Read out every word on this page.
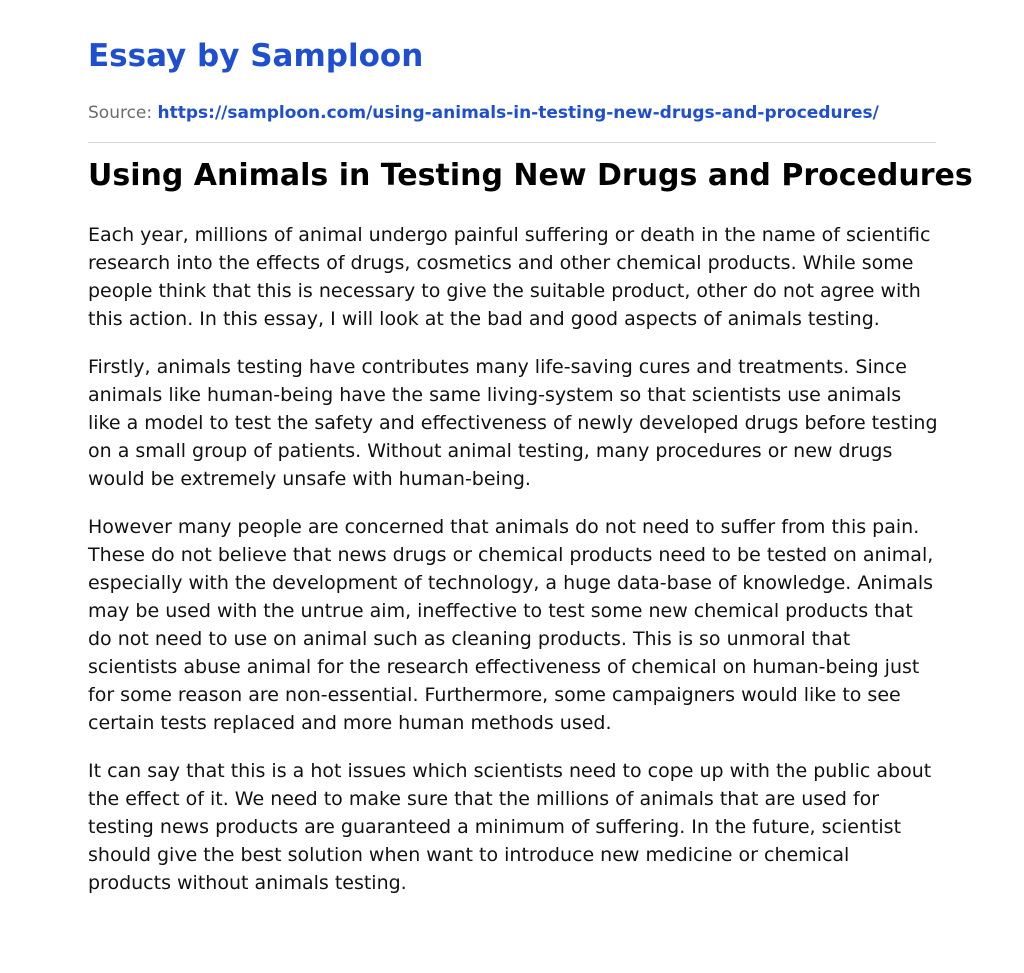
Essay by Samploon
Source: https://samploon.com/using-animals-in-testing-new-drugs-and-procedures/
Using Animals in Testing New Drugs and Procedures

Each year, millions of animal undergo painful suffering or death in the name of scientific research into the effects of drugs, cosmetics and other chemical products. While some people think that this is necessary to give the suitable product, other do not agree with this action. In this essay, I will look at the bad and good aspects of animals testing.

Firstly, animals testing have contributes many life-saving cures and treatments. Since animals like human-being have the same living-system so that scientists use animals like a model to test the safety and effectiveness of newly developed drugs before testing on a small group of patients. Without animal testing, many procedures or new drugs would be extremely unsafe with human-being.

However many people are concerned that animals do not need to suffer from this pain. These do not believe that news drugs or chemical products need to be tested on animal, especially with the development of technology, a huge data-base of knowledge. Animals may be used with the untrue aim, ineffective to test some new chemical products that do not need to use on animal such as cleaning products. This is so unmoral that scientists abuse animal for the research effectiveness of chemical on human-being just for some reason are non-essential. Furthermore, some campaigners would like to see certain tests replaced and more human methods used.

It can say that this is a hot issues which scientists need to cope up with the public about the effect of it. We need to make sure that the millions of animals that are used for testing news products are guaranteed a minimum of suffering. In the future, scientist should give the best solution when want to introduce new medicine or chemical products without animals testing.
